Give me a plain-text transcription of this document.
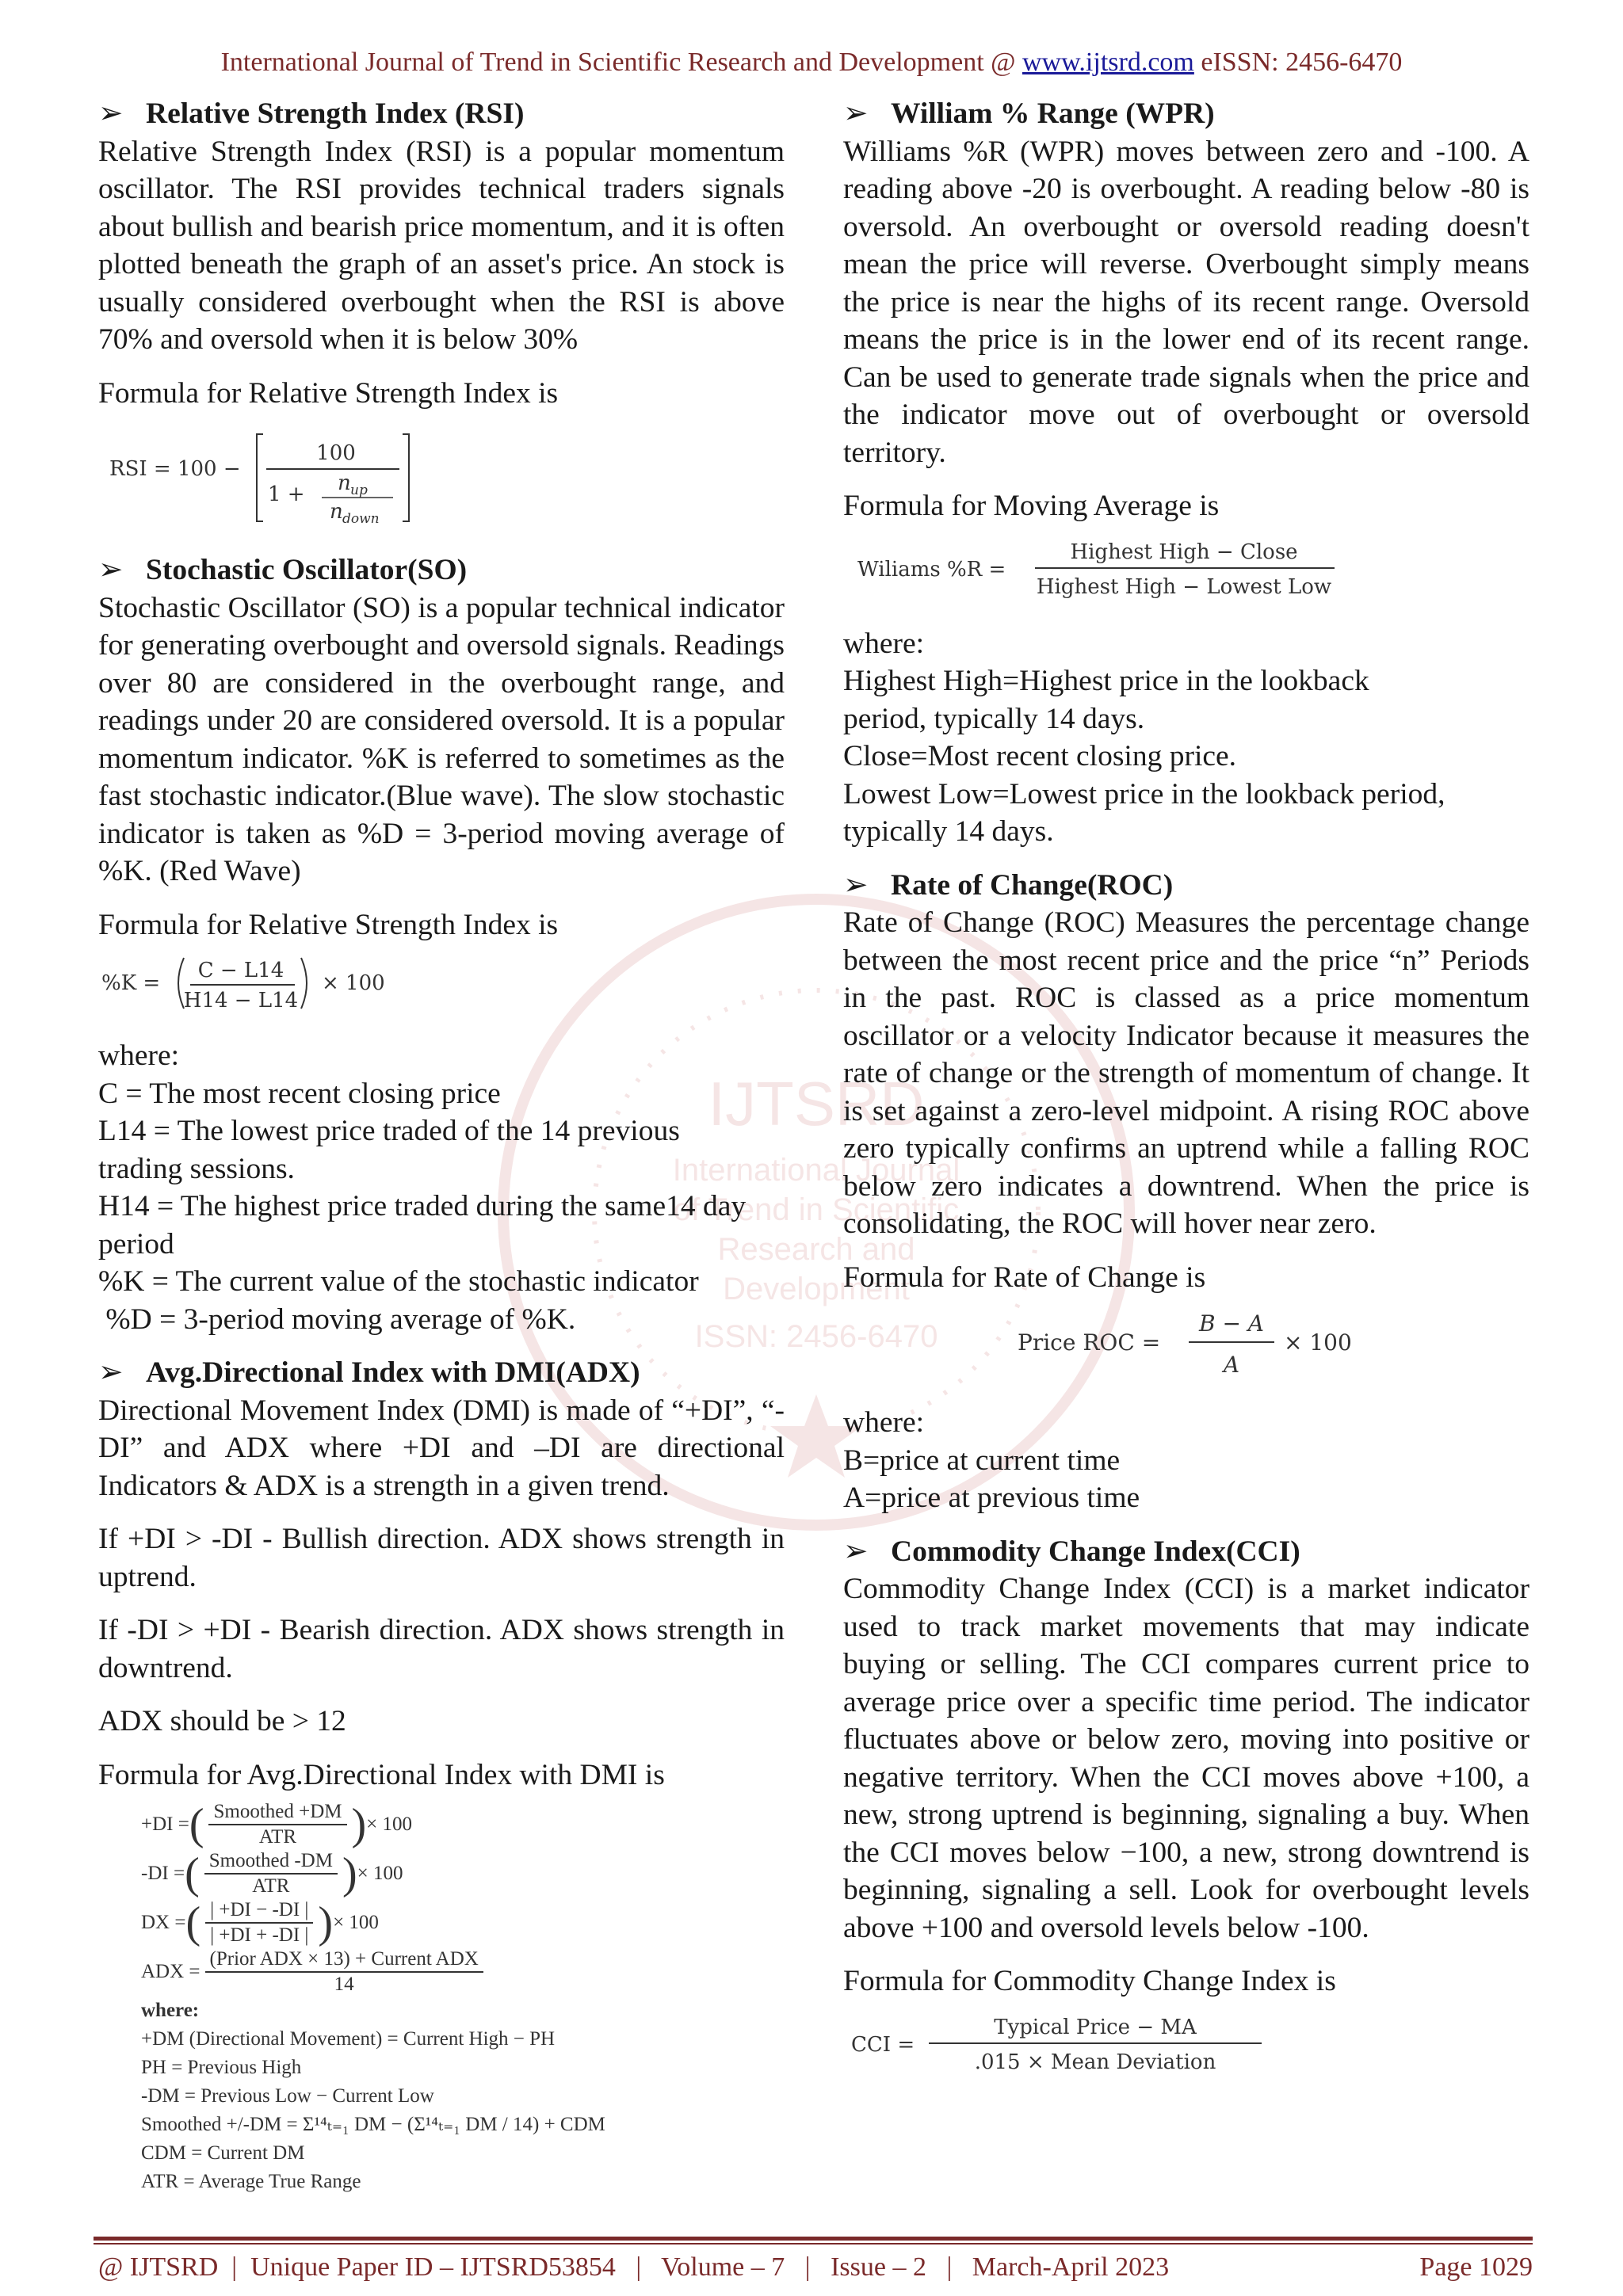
IJTSRD
International Journal
of Trend in Scientific
Research and
Development
ISSN: 2456-6470
International Journal of Trend in Scientific Research and Development @ www.ijtsrd.com eISSN: 2456-6470
➢ Relative Strength Index (RSI)

Relative Strength Index (RSI) is a popular momentum oscillator. The RSI provides technical traders signals about bullish and bearish price momentum, and it is often plotted beneath the graph of an asset's price. An stock is usually considered overbought when the RSI is above 70% and oversold when it is below 30%

Formula for Relative Strength Index is

RSI = 100 −
100
1 + n up
n down
➢ Stochastic Oscillator(SO)

Stochastic Oscillator (SO) is a popular technical indicator for generating overbought and oversold signals. Readings over 80 are considered in the overbought range, and readings under 20 are considered oversold. It is a popular momentum indicator. %K is referred to sometimes as the fast stochastic indicator.(Blue wave). The slow stochastic indicator is taken as %D = 3-period moving average of %K. (Red Wave)

Formula for Relative Strength Index is

%K =
C − L14
H14 − L14
× 100

where:

C = The most recent closing price

L14 = The lowest price traded of the 14 previous trading sessions.

H14 = The highest price traded during the same14 day period

%K = The current value of the stochastic indicator

%D = 3-period moving average of %K.

➢ Avg.Directional Index with DMI(ADX)

Directional Movement Index (DMI) is made of “+DI”, “-DI” and ADX where +DI and –DI are directional Indicators & ADX is a strength in a given trend.

If +DI > -DI - Bullish direction. ADX shows strength in uptrend.

If -DI > +DI - Bearish direction. ADX shows strength in downtrend.

ADX should be > 12

Formula for Avg.Directional Index with DMI is

+DI = ( $\frac{\text{Smoothed +DM}}{\text{ATR}}$ ) × 100
-DI = ( $\frac{\text{Smoothed -DM}}{\text{ATR}}$ ) × 100
DX = ( $\frac{| +DI - -DI |}{| +DI + -DI |}$ ) × 100
ADX = $\frac{\text{(Prior ADX × 13) + Current ADX}}{14}$
where:
+DM (Directional Movement) = Current High − PH
PH = Previous High
-DM = Previous Low − Current Low
Smoothed +/-DM = Σ¹⁴ₜ₌₁ DM − (Σ¹⁴ₜ₌₁ DM / 14) + CDM
CDM = Current DM
ATR = Average True Range
➢ William % Range (WPR)

Williams %R (WPR) moves between zero and -100. A reading above -20 is overbought. A reading below -80 is oversold. An overbought or oversold reading doesn't mean the price will reverse. Overbought simply means the price is near the highs of its recent range. Oversold means the price is in the lower end of its recent range. Can be used to generate trade signals when the price and the indicator move out of overbought or oversold territory.

Formula for Moving Average is

Wiliams %R =
Highest High − Close
Highest High − Lowest Low

where:

Highest High=Highest price in the lookback period, typically 14 days.

Close=Most recent closing price.

Lowest Low=Lowest price in the lookback period, typically 14 days.

➢ Rate of Change(ROC)

Rate of Change (ROC) Measures the percentage change between the most recent price and the price “n” Periods in the past. ROC is classed as a price momentum oscillator or a velocity Indicator because it measures the rate of change or the strength of momentum of change. It is set against a zero-level midpoint. A rising ROC above zero typically confirms an uptrend while a falling ROC below zero indicates a downtrend. When the price is consolidating, the ROC will hover near zero.

Formula for Rate of Change is

Price ROC =
B − A
A
× 100

where:

B=price at current time

A=price at previous time

➢ Commodity Change Index(CCI)

Commodity Change Index (CCI) is a market indicator used to track market movements that may indicate buying or selling. The CCI compares current price to average price over a specific time period. The indicator fluctuates above or below zero, moving into positive or negative territory. When the CCI moves above +100, a new, strong uptrend is beginning, signaling a buy. When the CCI moves below −100, a new, strong downtrend is beginning, signaling a sell. Look for overbought levels above +100 and oversold levels below -100.

Formula for Commodity Change Index is

CCI =
Typical Price − MA
.015 × Mean Deviation
@ IJTSRD  |  Unique Paper ID – IJTSRD53854   |   Volume – 7   |   Issue – 2   |   March-April 2023	Page 1029
